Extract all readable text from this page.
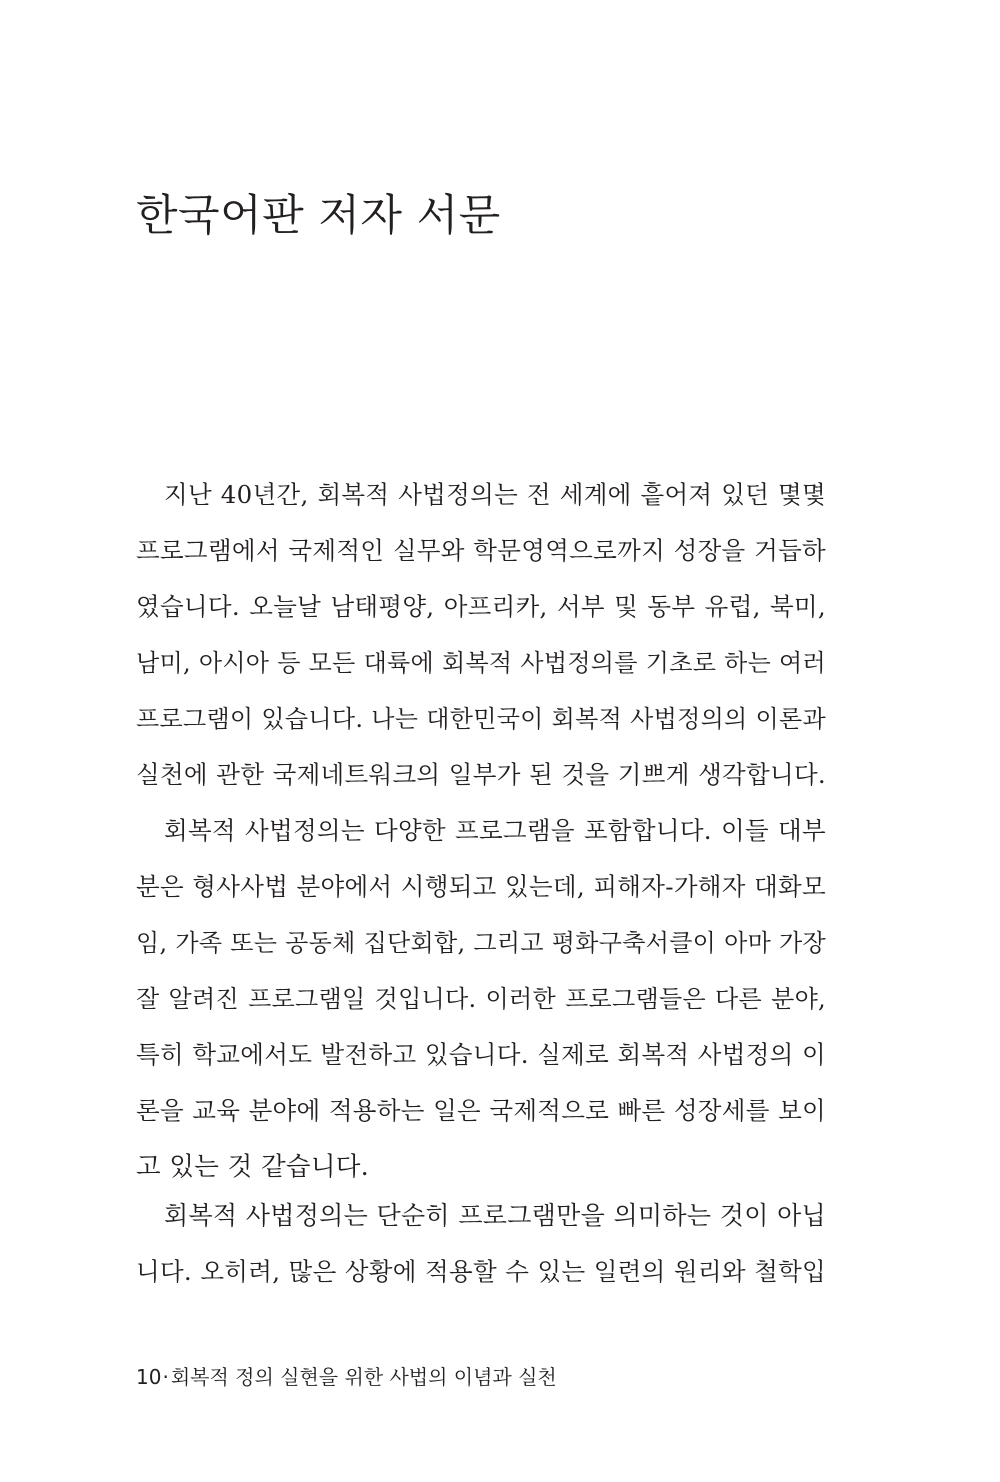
한국어판 저자 서문
지난 40년간, 회복적 사법정의는 전 세계에 흩어져 있던 몇몇
프로그램에서 국제적인 실무와 학문영역으로까지 성장을 거듭하
였습니다. 오늘날 남태평양, 아프리카, 서부 및 동부 유럽, 북미,
남미, 아시아 등 모든 대륙에 회복적 사법정의를 기초로 하는 여러
프로그램이 있습니다. 나는 대한민국이 회복적 사법정의의 이론과
실천에 관한 국제네트워크의 일부가 된 것을 기쁘게 생각합니다.
회복적 사법정의는 다양한 프로그램을 포함합니다. 이들 대부
분은 형사사법 분야에서 시행되고 있는데, 피해자-가해자 대화모
임, 가족 또는 공동체 집단회합, 그리고 평화구축서클이 아마 가장
잘 알려진 프로그램일 것입니다. 이러한 프로그램들은 다른 분야,
특히 학교에서도 발전하고 있습니다. 실제로 회복적 사법정의 이
론을 교육 분야에 적용하는 일은 국제적으로 빠른 성장세를 보이
고 있는 것 같습니다.
회복적 사법정의는 단순히 프로그램만을 의미하는 것이 아닙
니다. 오히려, 많은 상황에 적용할 수 있는 일련의 원리와 철학입
10· 회복적 정의 실현을 위한 사법의 이념과 실천
